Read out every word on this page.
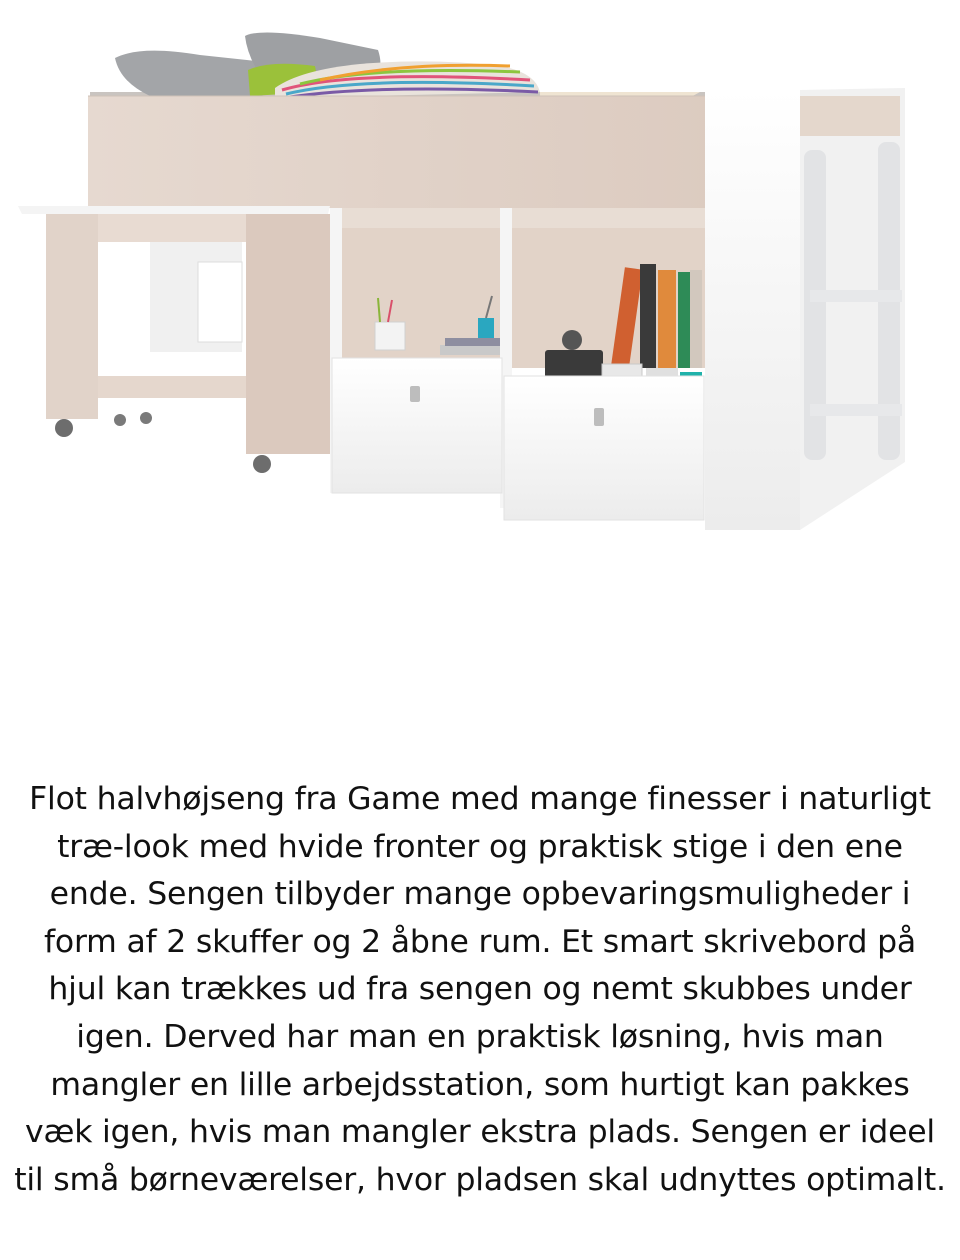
Flot halvhøjseng fra Game med mange finesser i naturligt træ-look med hvide fronter og praktisk stige i den ene ende. Sengen tilbyder mange opbevaringsmuligheder i form af 2 skuffer og 2 åbne rum. Et smart skrivebord på hjul kan trækkes ud fra sengen og nemt skubbes under igen. Derved har man en praktisk løsning, hvis man mangler en lille arbejdsstation, som hurtigt kan pakkes væk igen, hvis man mangler ekstra plads. Sengen er ideel til små børneværelser, hvor pladsen skal udnyttes optimalt.
